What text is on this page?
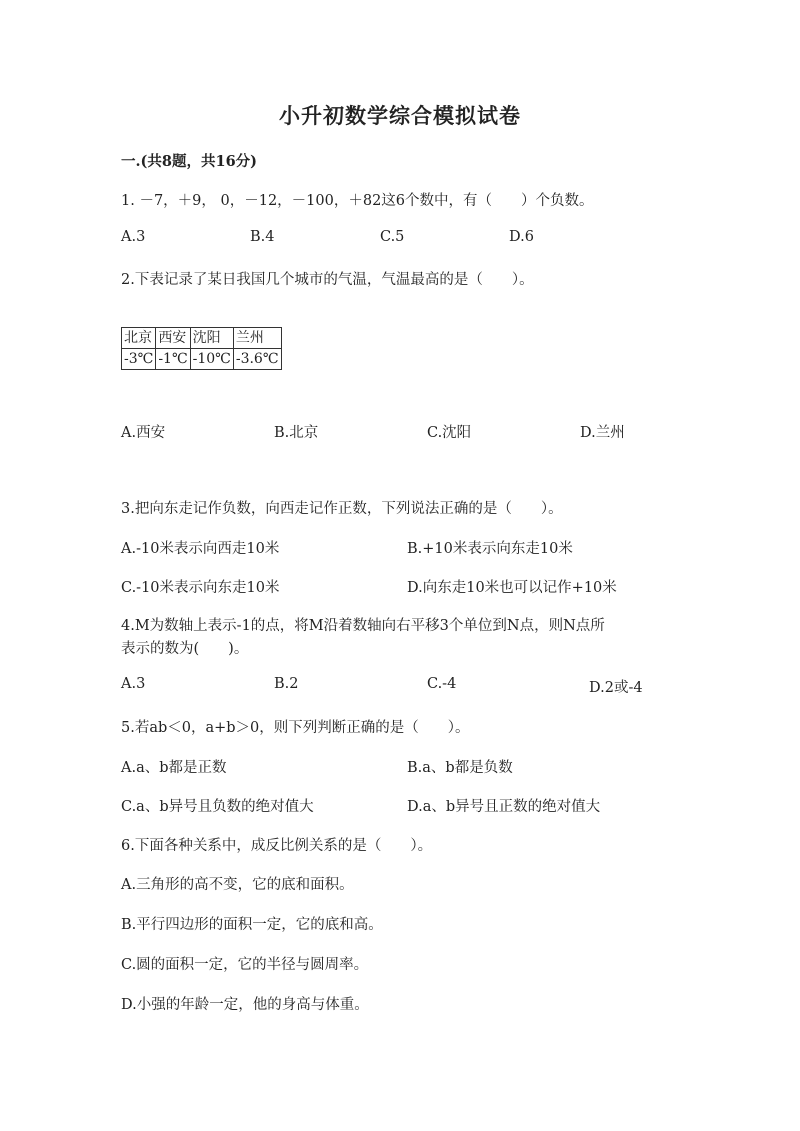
小升初数学综合模拟试卷
一.(共8题，共16分)
1. －7，＋9， 0，－12，－100，＋82这6个数中，有（　　）个负数。
A.3	B.4	C.5	D.6
2.下表记录了某日我国几个城市的气温，气温最高的是（　　）。
北京	西安	沈阳	兰州
-3℃	-1℃	-10℃	-3.6℃
A.西安	B.北京	C.沈阳	D.兰州
3.把向东走记作负数，向西走记作正数，下列说法正确的是（　　）。
A.-10米表示向西走10米	B.+10米表示向东走10米
C.-10米表示向东走10米	D.向东走10米也可以记作+10米
4.M为数轴上表示-1的点，将M沿着数轴向右平移3个单位到N点，则N点所
表示的数为(　　)。
A.3	B.2	C.-4	D.2或-4
5.若ab＜0，a+b＞0，则下列判断正确的是（　　）。
A.a、b都是正数	B.a、b都是负数
C.a、b异号且负数的绝对值大	D.a、b异号且正数的绝对值大
6.下面各种关系中，成反比例关系的是（　　）。
A.三角形的高不变，它的底和面积。
B.平行四边形的面积一定，它的底和高。
C.圆的面积一定，它的半径与圆周率。
D.小强的年龄一定，他的身高与体重。
